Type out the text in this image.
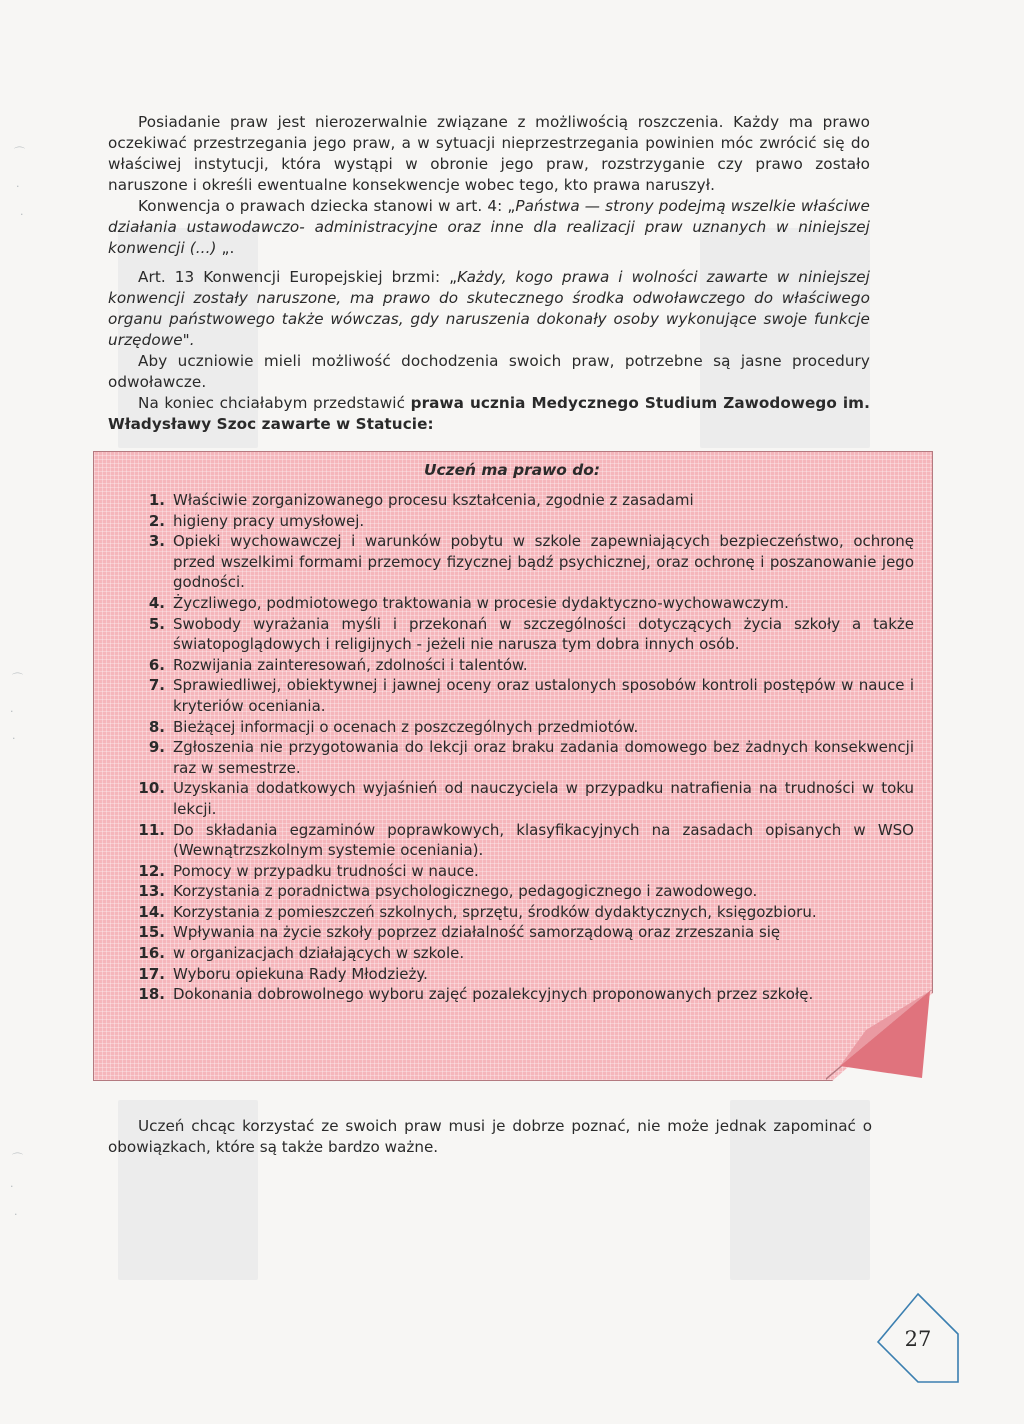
⌒
·
·
⌒
·
·
⌒
·
·

Posiadanie praw jest nierozerwalnie związane z możliwością roszczenia. Każdy ma prawo oczekiwać przestrzegania jego praw, a w sytuacji nieprzestrzegania powinien móc zwrócić się do właściwej instytucji, która wystąpi w obronie jego praw, rozstrzyganie czy prawo zostało naruszone i określi ewentualne konsekwencje wobec tego, kto prawa naruszył.

Konwencja o prawach dziecka stanowi w art. 4: „Państwa — strony podejmą wszelkie właściwe działania ustawodawczo- administracyjne oraz inne dla realizacji praw uznanych w niniejszej konwencji (...) „.

Art. 13 Konwencji Europejskiej brzmi: „Każdy, kogo prawa i wolności zawarte w niniejszej konwencji zostały naruszone, ma prawo do skutecznego środka odwoławczego do właściwego organu państwowego także wówczas, gdy naruszenia dokonały osoby wykonujące swoje funkcje urzędowe".

Aby uczniowie mieli możliwość dochodzenia swoich praw, potrzebne są jasne procedury odwoławcze.

Na koniec chciałabym przedstawić prawa ucznia Medycznego Studium Zawodowego im. Władysławy Szoc zawarte w Statucie:

Uczeń ma prawo do:
1. Właściwie zorganizowanego procesu kształcenia, zgodnie z zasadami
2. higieny pracy umysłowej.
3. Opieki wychowawczej i warunków pobytu w szkole zapewniających bezpieczeństwo, ochronę przed wszelkimi formami przemocy fizycznej bądź psychicznej, oraz ochronę i poszanowanie jego godności.
4. Życzliwego, podmiotowego traktowania w procesie dydaktyczno-wychowawczym.
5. Swobody wyrażania myśli i przekonań w szczególności dotyczących życia szkoły a także światopoglądowych i religijnych - jeżeli nie narusza tym dobra innych osób.
6. Rozwijania zainteresowań, zdolności i talentów.
7. Sprawiedliwej, obiektywnej i jawnej oceny oraz ustalonych sposobów kontroli postępów w nauce i kryteriów oceniania.
8. Bieżącej informacji o ocenach z poszczególnych przedmiotów.
9. Zgłoszenia nie przygotowania do lekcji oraz braku zadania domowego bez żadnych konsekwencji raz w semestrze.
10. Uzyskania dodatkowych wyjaśnień od nauczyciela w przypadku natrafienia na trudności w toku lekcji.
11. Do składania egzaminów poprawkowych, klasyfikacyjnych na zasadach opisanych w WSO (Wewnątrzszkolnym systemie oceniania).
12. Pomocy w przypadku trudności w nauce.
13. Korzystania z poradnictwa psychologicznego, pedagogicznego i zawodowego.
14. Korzystania z pomieszczeń szkolnych, sprzętu, środków dydaktycznych, księgozbioru.
15. Wpływania na życie szkoły poprzez działalność samorządową oraz zrzeszania się
16. w organizacjach działających w szkole.
17. Wyboru opiekuna Rady Młodzieży.
18. Dokonania dobrowolnego wyboru zajęć pozalekcyjnych proponowanych przez szkołę.

Uczeń chcąc korzystać ze swoich praw musi je dobrze poznać, nie może jednak zapominać o obowiązkach, które są także bardzo ważne.

27
